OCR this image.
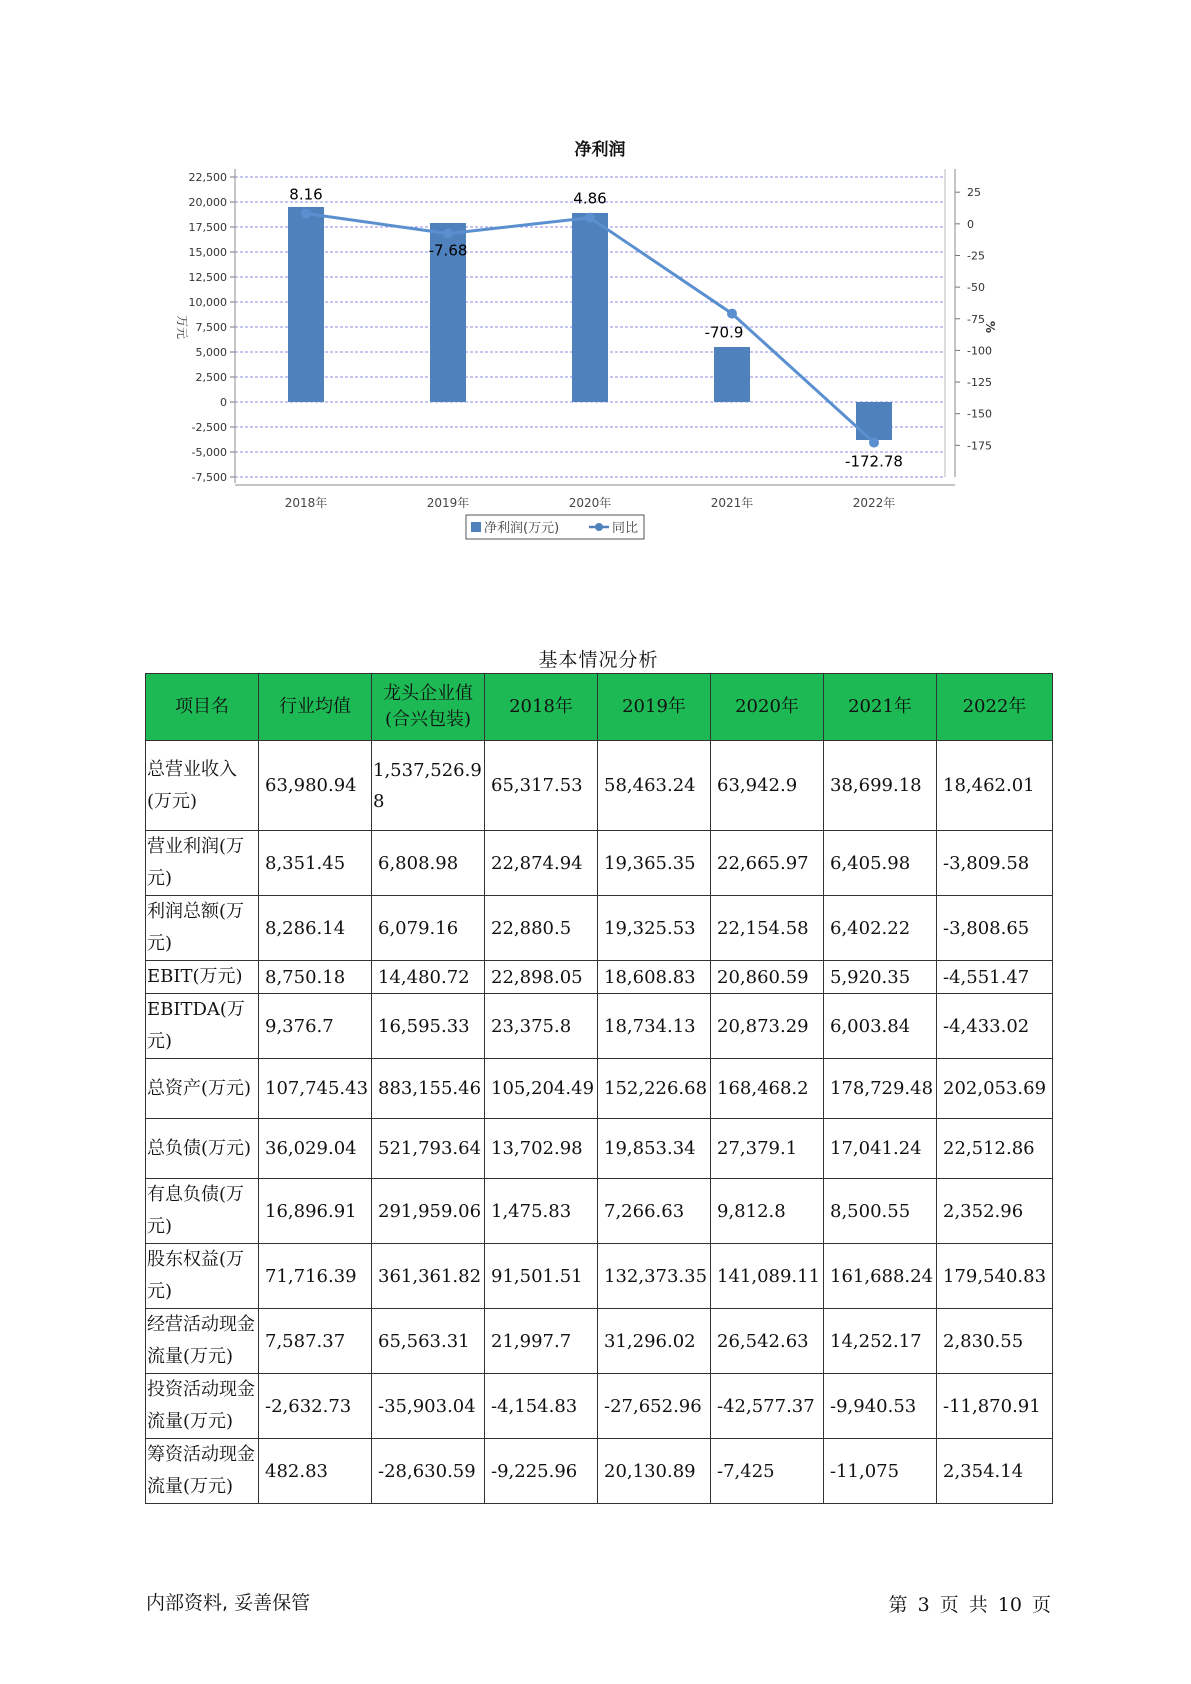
净利润
22,500
20,000
17,500
15,000
12,500
10,000
7,500
5,000
2,500
0
-2,500
-5,000
-7,500
25
0
-25
-50
-75
-100
-125
-150
-175
万元	%
2018年	2019年	2020年	2021年	2022年
8.16
-7.68
4.86
-70.9
-172.78
净利润(万元)	同比
基本情况分析
项目名	行业均值	龙头企业值(合兴包装)	2018年	2019年	2020年	2021年	2022年
总营业收入(万元)	63,980.94	1,537,526.98	65,317.53	58,463.24	63,942.9	38,699.18	18,462.01
营业利润(万元)	8,351.45	6,808.98	22,874.94	19,365.35	22,665.97	6,405.98	-3,809.58
利润总额(万元)	8,286.14	6,079.16	22,880.5	19,325.53	22,154.58	6,402.22	-3,808.65
EBIT(万元)	8,750.18	14,480.72	22,898.05	18,608.83	20,860.59	5,920.35	-4,551.47
EBITDA(万元)	9,376.7	16,595.33	23,375.8	18,734.13	20,873.29	6,003.84	-4,433.02
总资产(万元)	107,745.43	883,155.46	105,204.49	152,226.68	168,468.2	178,729.48	202,053.69
总负债(万元)	36,029.04	521,793.64	13,702.98	19,853.34	27,379.1	17,041.24	22,512.86
有息负债(万元)	16,896.91	291,959.06	1,475.83	7,266.63	9,812.8	8,500.55	2,352.96
股东权益(万元)	71,716.39	361,361.82	91,501.51	132,373.35	141,089.11	161,688.24	179,540.83
经营活动现金流量(万元)	7,587.37	65,563.31	21,997.7	31,296.02	26,542.63	14,252.17	2,830.55
投资活动现金流量(万元)	-2,632.73	-35,903.04	-4,154.83	-27,652.96	-42,577.37	-9,940.53	-11,870.91
筹资活动现金流量(万元)	482.83	-28,630.59	-9,225.96	20,130.89	-7,425	-11,075	2,354.14
内部资料, 妥善保管	第 3 页 共 10 页
